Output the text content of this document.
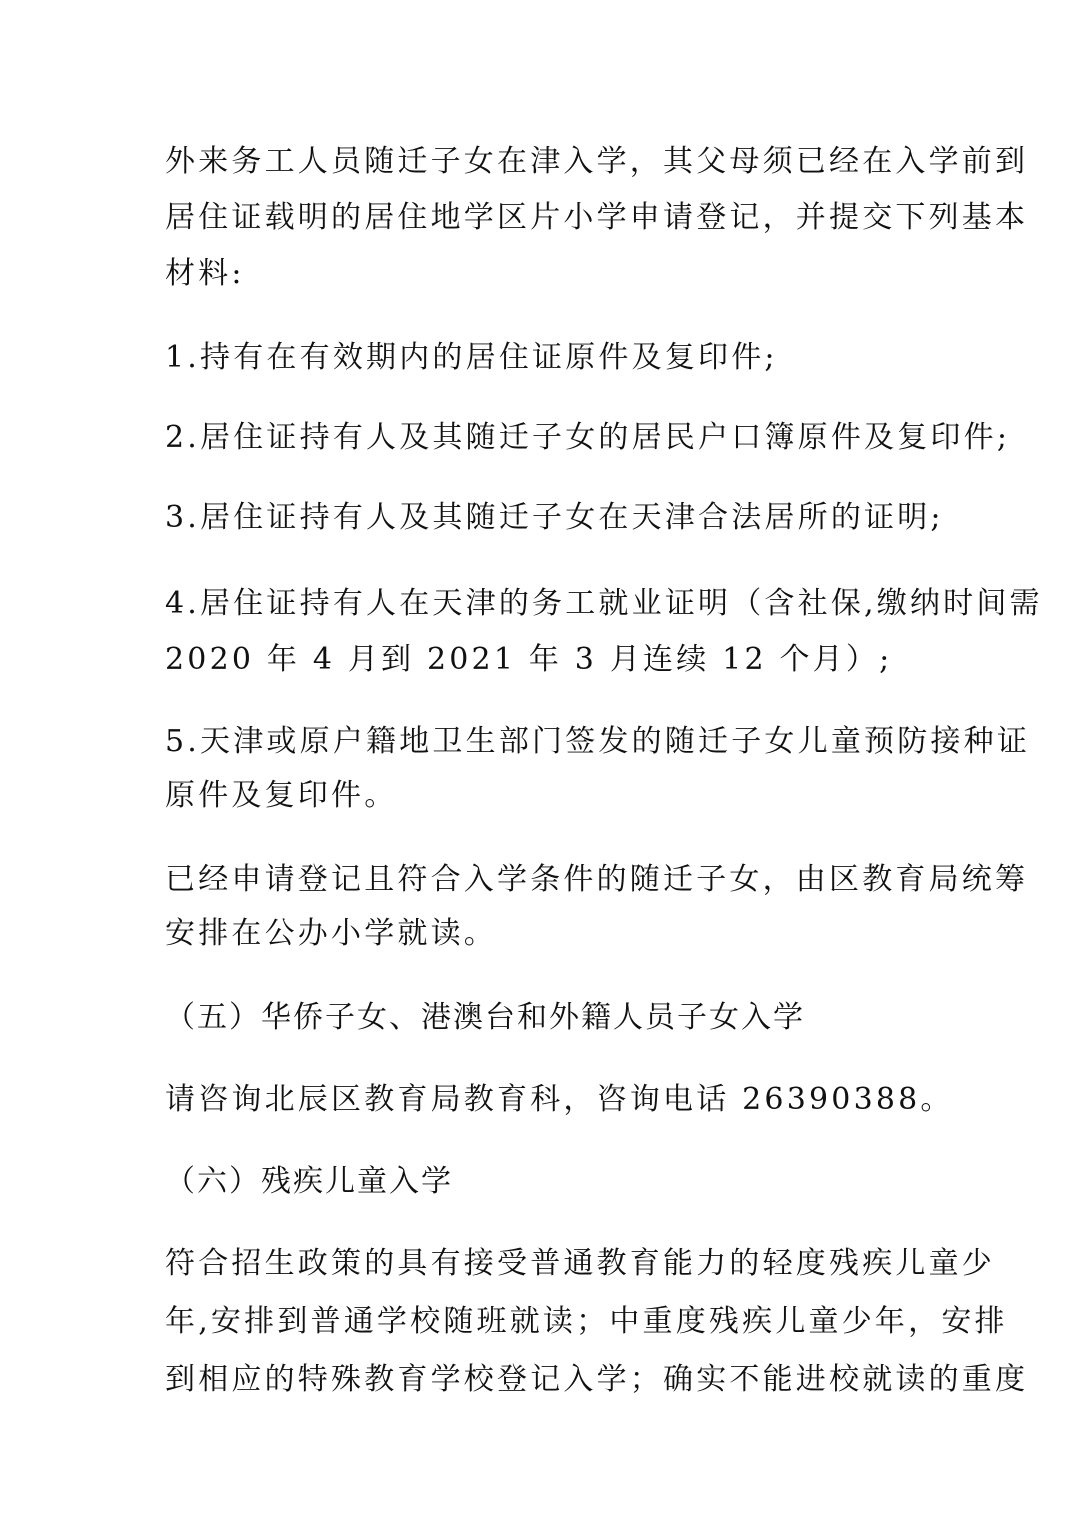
外来务工人员随迁子女在津入学，其父母须已经在入学前到
居住证载明的居住地学区片小学申请登记，并提交下列基本
材料:
1.持有在有效期内的居住证原件及复印件;
2.居住证持有人及其随迁子女的居民户口簿原件及复印件;
3.居住证持有人及其随迁子女在天津合法居所的证明;
4.居住证持有人在天津的务工就业证明（含社保,缴纳时间需
2020 年 4 月到 2021 年 3 月连续 12 个月）;
5.天津或原户籍地卫生部门签发的随迁子女儿童预防接种证
原件及复印件。
已经申请登记且符合入学条件的随迁子女，由区教育局统筹
安排在公办小学就读。
（五）华侨子女、港澳台和外籍人员子女入学
请咨询北辰区教育局教育科，咨询电话 26390388。
（六）残疾儿童入学
符合招生政策的具有接受普通教育能力的轻度残疾儿童少
年,安排到普通学校随班就读；中重度残疾儿童少年，安排
到相应的特殊教育学校登记入学；确实不能进校就读的重度
